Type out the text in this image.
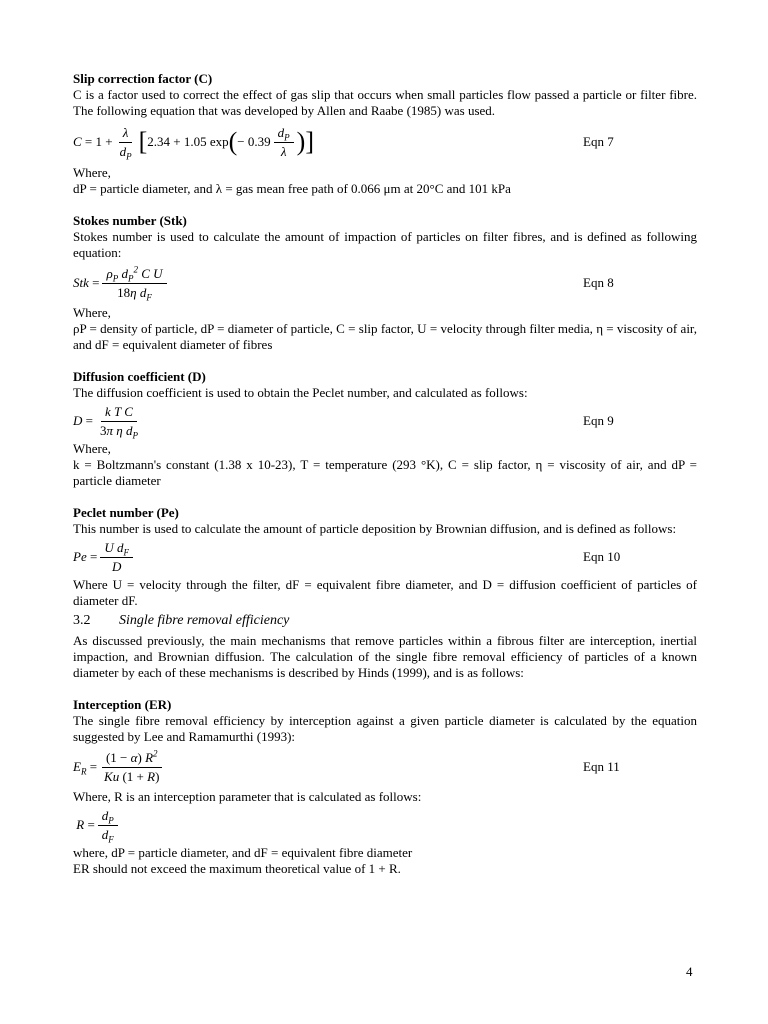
Slip correction factor (C)
C is a factor used to correct the effect of gas slip that occurs when small particles flow passed a particle or filter fibre. The following equation that was developed by Allen and Raabe (1985) was used.
$C = 1 + \frac{\lambda}{d_P}$ [ 2.34 + 1.05 exp ( − $0.39 \frac{d_P}{\lambda}$ ) ]	Eqn 7
Where,
dP = particle diameter, and λ = gas mean free path of 0.066 μm at 20°C and 101 kPa
Stokes number (Stk)
Stokes number is used to calculate the amount of impaction of particles on filter fibres, and is defined as following equation:
Stk = $\frac{\rho_P d_P^2 C U}{18\eta d_F}$	Eqn 8
Where,
ρP = density of particle, dP = diameter of particle, C = slip factor, U = velocity through filter media, η = viscosity of air, and dF = equivalent diameter of fibres
Diffusion coefficient (D)
The diffusion coefficient is used to obtain the Peclet number, and calculated as follows:
$D = \frac{\text{k T C}}{3\pi \eta d_P}$	Eqn 9
Where,
k = Boltzmann's constant (1.38 x 10-23), T = temperature (293 °K), C = slip factor, η = viscosity of air, and dP = particle diameter
Peclet number (Pe)
This number is used to calculate the amount of particle deposition by Brownian diffusion, and is defined as follows:
$Pe = \frac{U d_F}{D}$	Eqn 10
Where U = velocity through the filter, dF = equivalent fibre diameter, and D = diffusion coefficient of particles of diameter dF.
3.2 Single fibre removal efficiency
As discussed previously, the main mechanisms that remove particles within a fibrous filter are interception, inertial impaction, and Brownian diffusion. The calculation of the single fibre removal efficiency of particles of a known diameter by each of these mechanisms is described by Hinds (1999), and is as follows:
Interception (ER)
The single fibre removal efficiency by interception against a given particle diameter is calculated by the equation suggested by Lee and Ramamurthi (1993):
$E_R = \frac{(1 - \alpha) R^2}{Ku (1 + R)}$	Eqn 11
Where, R is an interception parameter that is calculated as follows:
$R = \frac{d_P}{d_F}$
where, dP = particle diameter, and dF = equivalent fibre diameter
ER should not exceed the maximum theoretical value of 1 + R.
4
